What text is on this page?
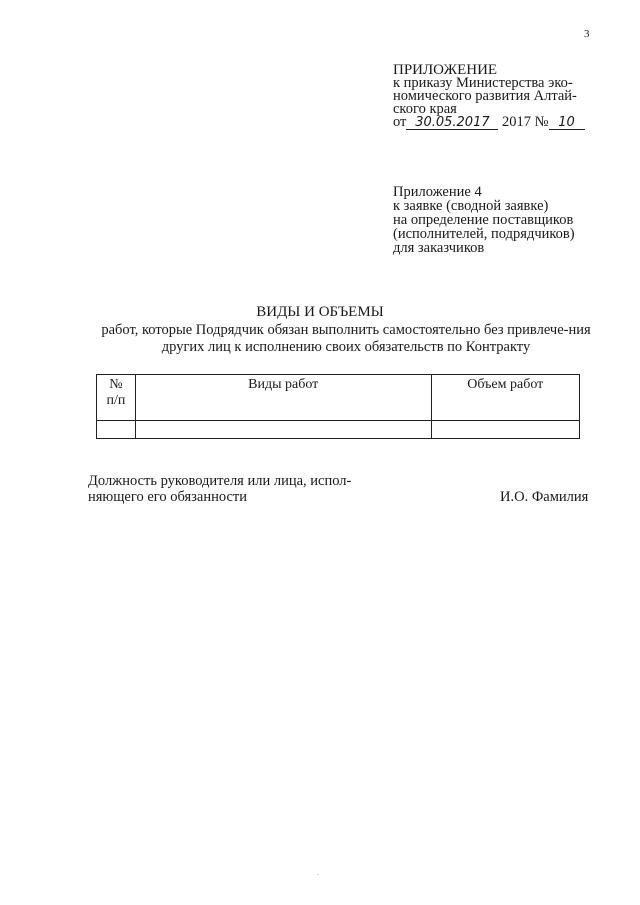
3
ПРИЛОЖЕНИЕ
к приказу Министерства эко-
номического развития Алтай-
ского края
от 30.05.2017 2017 № 10
Приложение 4
к заявке (сводной заявке)
на определение поставщиков
(исполнителей, подрядчиков)
для заказчиков
ВИДЫ И ОБЪЕМЫ
работ, которые Подрядчик обязан выполнить самостоятельно без привлече-ния других лиц к исполнению своих обязательств по Контракту
№
п/п	Виды работ	Объем работ

Должность руководителя или лица, испол-
няющего его обязанности	И.О. Фамилия
.
